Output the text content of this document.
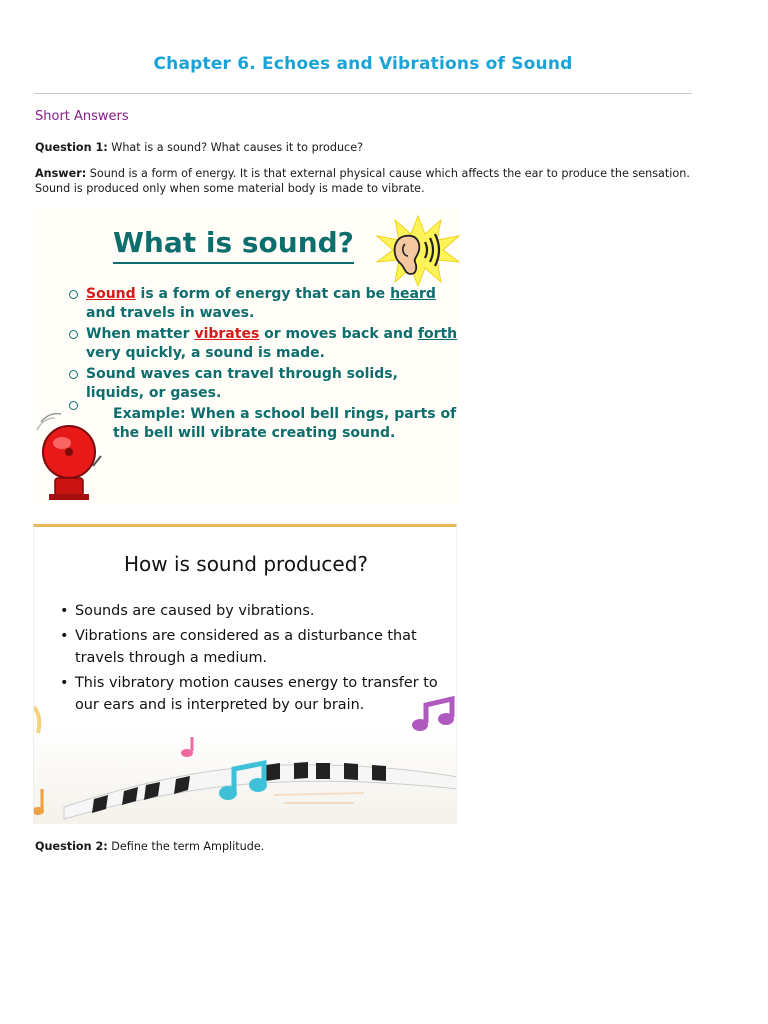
Chapter 6. Echoes and Vibrations of Sound
Short Answers
Question 1: What is a sound? What causes it to produce?
Answer: Sound is a form of energy. It is that external physical cause which affects the ear to produce the sensation. Sound is produced only when some material body is made to vibrate.
What is sound?
Sound is a form of energy that can be heard and travels in waves.
When matter vibrates or moves back and forth very quickly, a sound is made.
Sound waves can travel through solids, liquids, or gases.
Example: When a school bell rings, parts of the bell will vibrate creating sound.
How is sound produced?
• Sounds are caused by vibrations.
• Vibrations are considered as a disturbance that travels through a medium.
• This vibratory motion causes energy to transfer to our ears and is interpreted by our brain.
Question 2: Define the term Amplitude.
